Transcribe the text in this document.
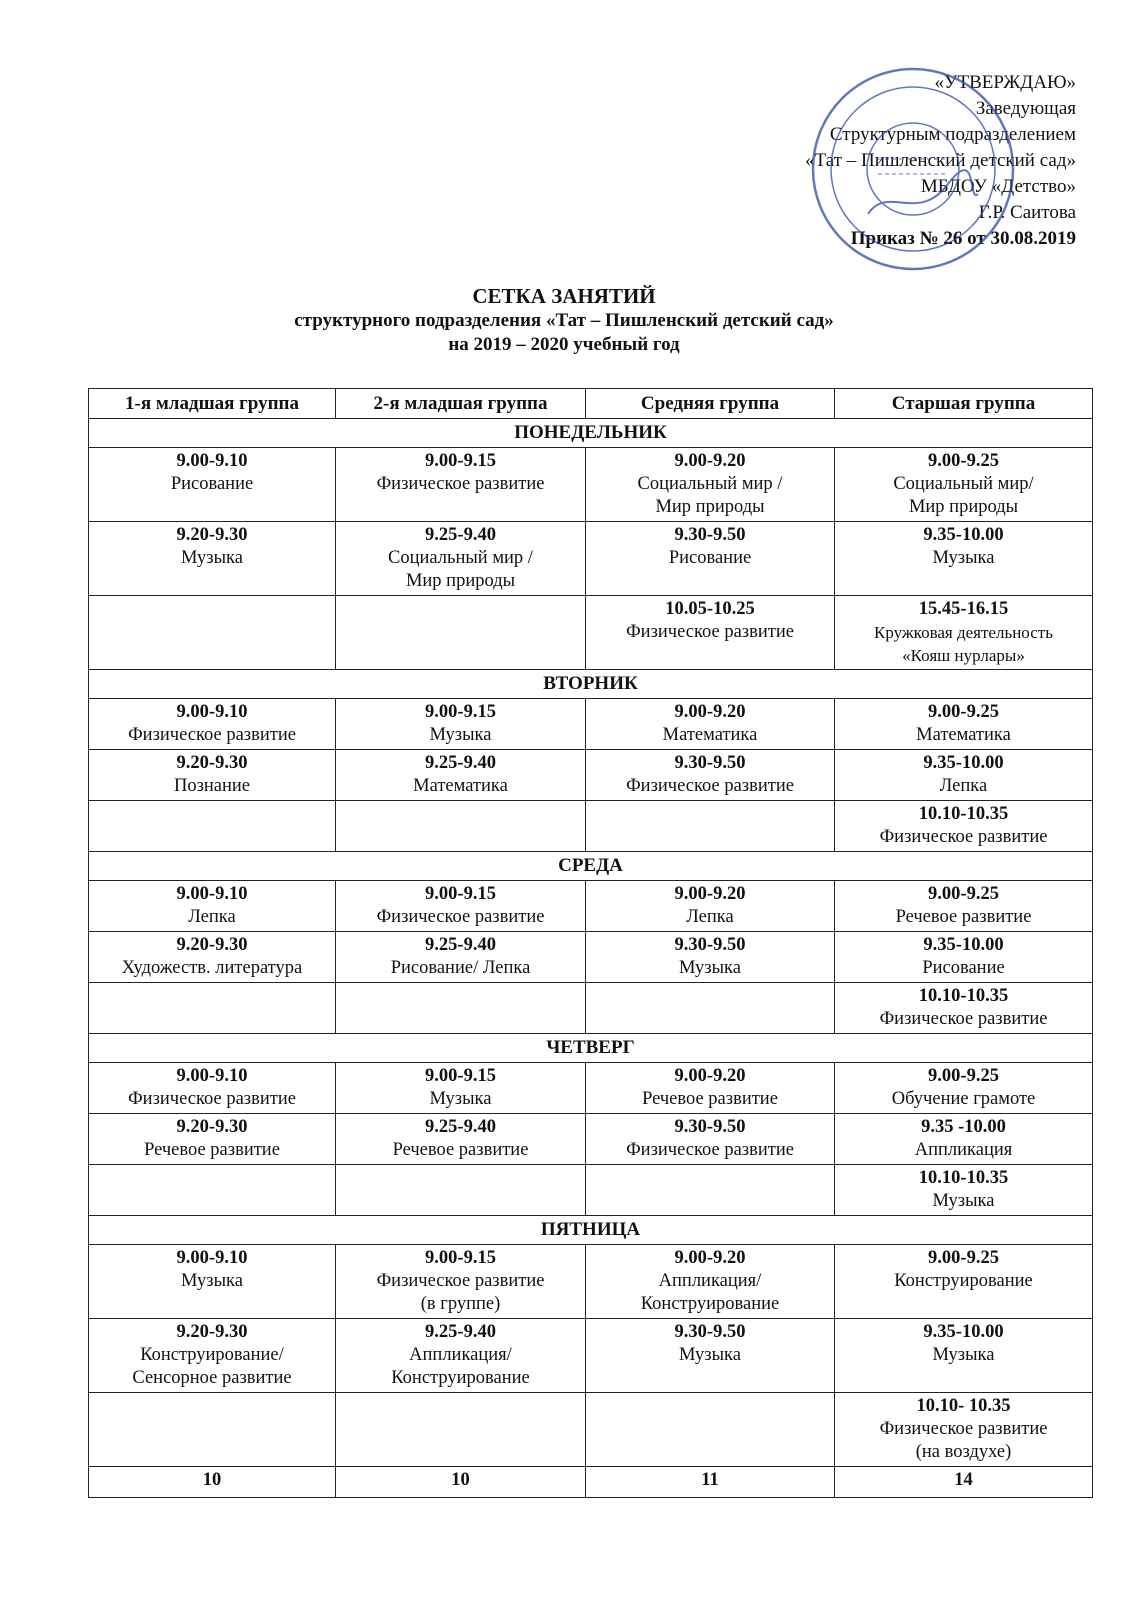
«УТВЕРЖДАЮ»
Заведующая
Структурным подразделением
«Тат – Пишленский детский сад»
МБДОУ «Детство»
Г.Р. Саитова
Приказ № 26 от 30.08.2019
СЕТКА ЗАНЯТИЙ
структурного подразделения «Тат – Пишленский детский сад»
на 2019 – 2020 учебный год
1-я младшая группа	2-я младшая группа	Средняя группа	Старшая группа
ПОНЕДЕЛЬНИК			

9.00-9.10
Рисование	9.00-9.15
Физическое развитие	9.00-9.20
Социальный мир /
Мир природы	9.00-9.25
Социальный мир/
Мир природы

9.20-9.30
Музыка	9.25-9.40
Социальный мир /
Мир природы	9.30-9.50
Рисование	9.35-10.00
Музыка

		10.05-10.25
Физическое развитие	15.45-16.15
Кружковая деятельность
«Кояш нурлары»

ВТОРНИК			

9.00-9.10
Физическое развитие	9.00-9.15
Музыка	9.00-9.20
Математика	9.00-9.25
Математика

9.20-9.30
Познание	9.25-9.40
Математика	9.30-9.50
Физическое развитие	9.35-10.00
Лепка

			10.10-10.35
Физическое развитие

СРЕДА			

9.00-9.10
Лепка	9.00-9.15
Физическое развитие	9.00-9.20
Лепка	9.00-9.25
Речевое развитие

9.20-9.30
Художеств. литература	9.25-9.40
Рисование/ Лепка	9.30-9.50
Музыка	9.35-10.00
Рисование

			10.10-10.35
Физическое развитие

ЧЕТВЕРГ			

9.00-9.10
Физическое развитие	9.00-9.15
Музыка	9.00-9.20
Речевое развитие	9.00-9.25
Обучение грамоте

9.20-9.30
Речевое развитие	9.25-9.40
Речевое развитие	9.30-9.50
Физическое развитие	9.35 -10.00
Аппликация

			10.10-10.35
Музыка

ПЯТНИЦА			

9.00-9.10
Музыка	9.00-9.15
Физическое развитие
(в группе)	9.00-9.20
Аппликация/
Конструирование	9.00-9.25
Конструирование

9.20-9.30
Конструирование/
Сенсорное развитие	9.25-9.40
Аппликация/
Конструирование	9.30-9.50
Музыка	9.35-10.00
Музыка

			10.10- 10.35
Физическое развитие
(на воздухе)

10	10	11	14
